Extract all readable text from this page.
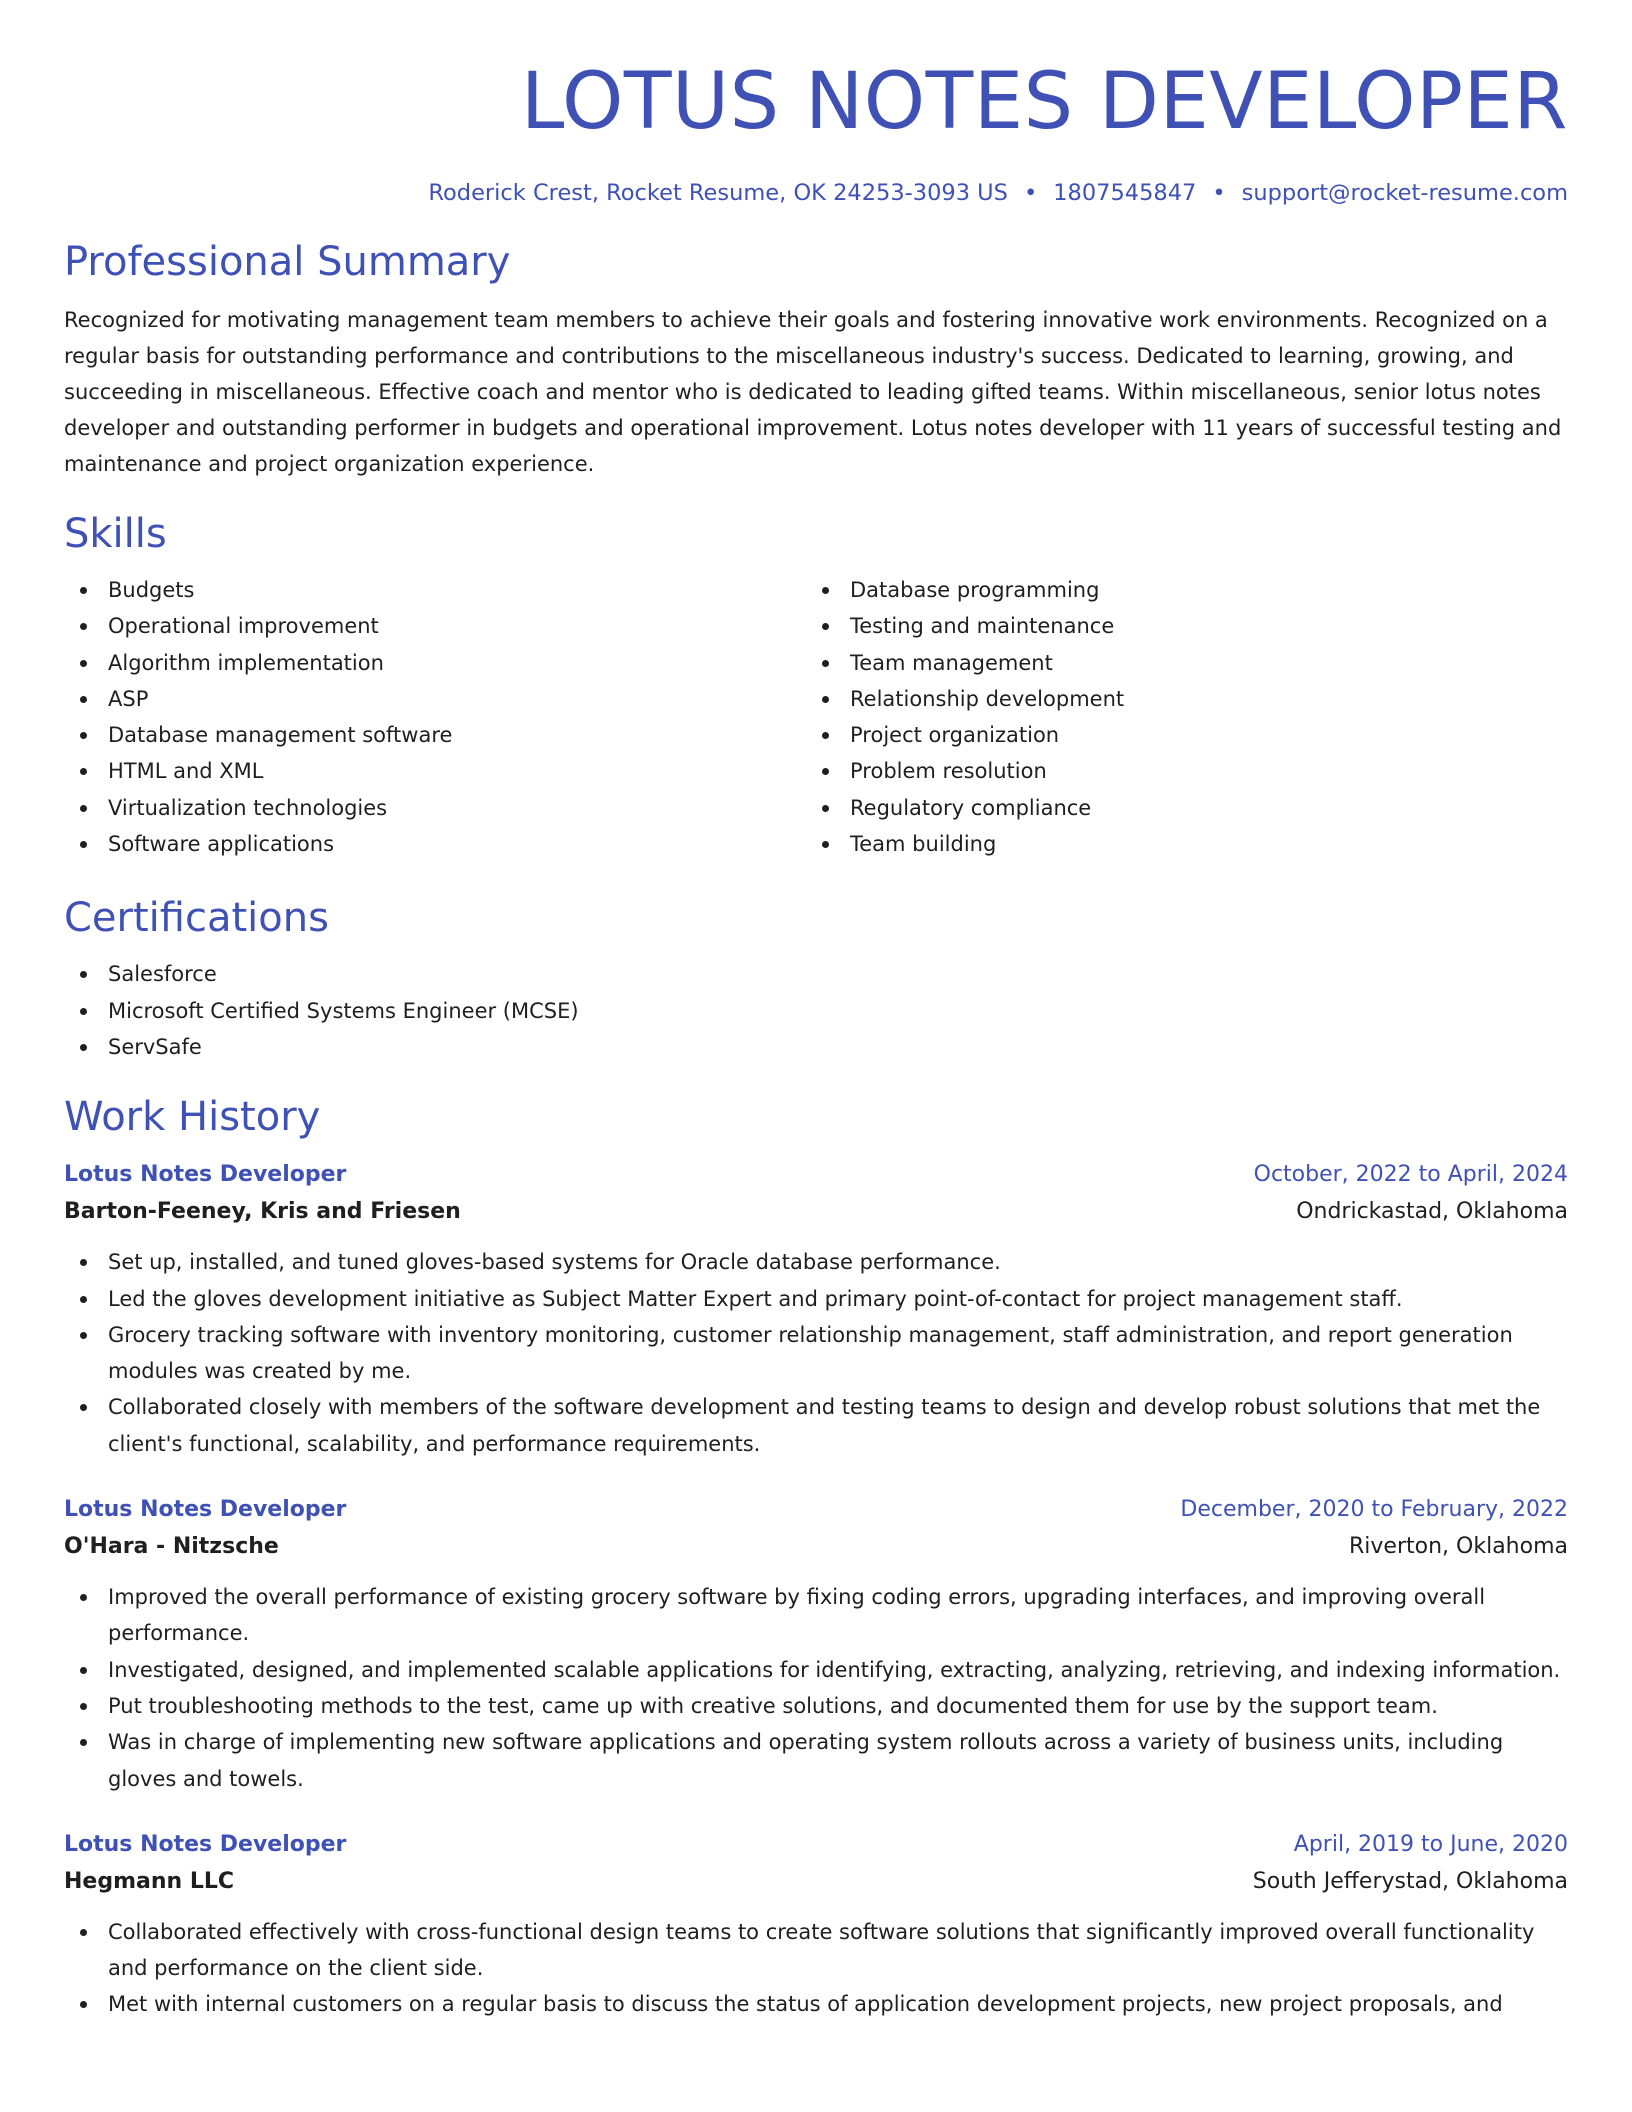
LOTUS NOTES DEVELOPER
Roderick Crest, Rocket Resume, OK 24253-3093 US • 1807545847 • support@rocket-resume.com
Professional Summary
Recognized for motivating management team members to achieve their goals and fostering innovative work environments. Recognized on a regular basis for outstanding performance and contributions to the miscellaneous industry's success. Dedicated to learning, growing, and succeeding in miscellaneous. Effective coach and mentor who is dedicated to leading gifted teams. Within miscellaneous, senior lotus notes developer and outstanding performer in budgets and operational improvement. Lotus notes developer with 11 years of successful testing and maintenance and project organization experience.
Skills
Budgets
Operational improvement
Algorithm implementation
ASP
Database management software
HTML and XML
Virtualization technologies
Software applications
Database programming
Testing and maintenance
Team management
Relationship development
Project organization
Problem resolution
Regulatory compliance
Team building
Certifications
Salesforce
Microsoft Certified Systems Engineer (MCSE)
ServSafe
Work History
Lotus Notes Developer	October, 2022 to April, 2024
Barton-Feeney, Kris and Friesen	Ondrickastad, Oklahoma
Set up, installed, and tuned gloves-based systems for Oracle database performance.
Led the gloves development initiative as Subject Matter Expert and primary point-of-contact for project management staff.
Grocery tracking software with inventory monitoring, customer relationship management, staff administration, and report generation modules was created by me.
Collaborated closely with members of the software development and testing teams to design and develop robust solutions that met the client's functional, scalability, and performance requirements.
Lotus Notes Developer	December, 2020 to February, 2022
O'Hara - Nitzsche	Riverton, Oklahoma
Improved the overall performance of existing grocery software by fixing coding errors, upgrading interfaces, and improving overall performance.
Investigated, designed, and implemented scalable applications for identifying, extracting, analyzing, retrieving, and indexing information.
Put troubleshooting methods to the test, came up with creative solutions, and documented them for use by the support team.
Was in charge of implementing new software applications and operating system rollouts across a variety of business units, including gloves and towels.
Lotus Notes Developer	April, 2019 to June, 2020
Hegmann LLC	South Jefferystad, Oklahoma
Collaborated effectively with cross-functional design teams to create software solutions that significantly improved overall functionality and performance on the client side.
Met with internal customers on a regular basis to discuss the status of application development projects, new project proposals, and
